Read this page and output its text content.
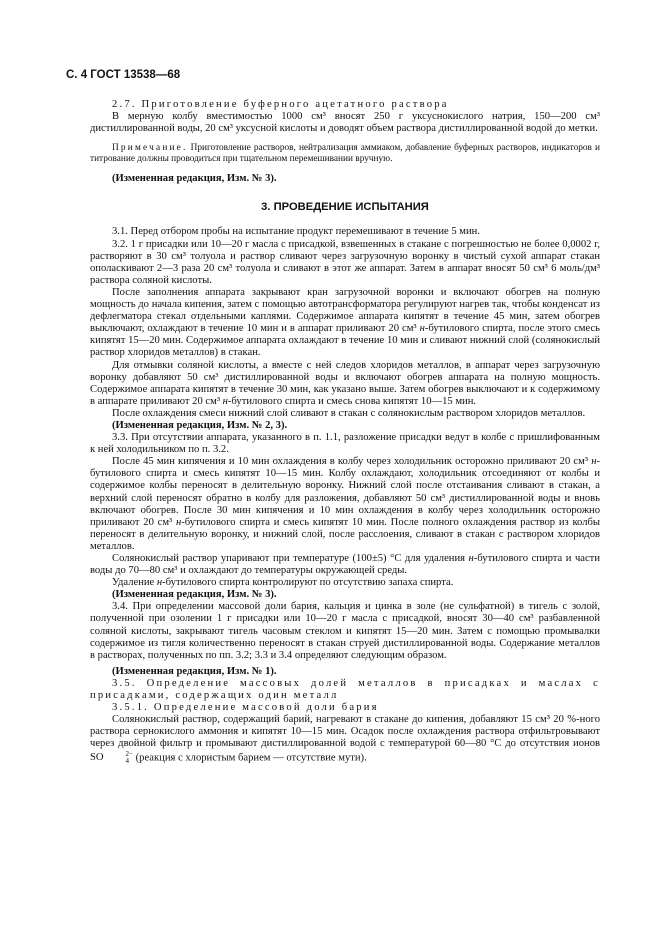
С. 4 ГОСТ 13538—68

2.7. Приготовление буферного ацетатного раствора

В мерную колбу вместимостью 1000 см³ вносят 250 г уксуснокислого натрия, 150—200 см³ дистиллированной воды, 20 см³ уксусной кислоты и доводят объем раствора дистиллированной водой до метки.

Примечание. Приготовление растворов, нейтрализация аммиаком, добавление буферных растворов, индикаторов и титрование должны проводиться при тщательном перемешивании вручную.

(Измененная редакция, Изм. № 3).

3. ПРОВЕДЕНИЕ ИСПЫТАНИЯ

3.1. Перед отбором пробы на испытание продукт перемешивают в течение 5 мин.

3.2. 1 г присадки или 10—20 г масла с присадкой, взвешенных в стакане с погрешностью не более 0,0002 г, растворяют в 30 см³ толуола и раствор сливают через загрузочную воронку в чистый сухой аппарат стакан ополаскивают 2—3 раза 20 см³ толуола и сливают в этот же аппарат. Затем в аппарат вносят 50 см³ 6 моль/дм³ раствора соляной кислоты.

После заполнения аппарата закрывают кран загрузочной воронки и включают обогрев на полную мощность до начала кипения, затем с помощью автотрансформатора регулируют нагрев так, чтобы конденсат из дефлегматора стекал отдельными каплями. Содержимое аппарата кипятят в течение 45 мин, затем обогрев выключают, охлаждают в течение 10 мин и в аппарат приливают 20 см³ н-бутилового спирта, после этого смесь кипятят 15—20 мин. Содержимое аппарата охлаждают в течение 10 мин и сливают нижний слой (солянокислый раствор хлоридов металлов) в стакан.

Для отмывки соляной кислоты, а вместе с ней следов хлоридов металлов, в аппарат через загрузочную воронку добавляют 50 см³ дистиллированной воды и включают обогрев аппарата на полную мощность. Содержимое аппарата кипятят в течение 30 мин, как указано выше. Затем обогрев выключают и к содержимому в аппарате приливают 20 см³ н-бутилового спирта и смесь снова кипятят 10—15 мин.

После охлаждения смеси нижний слой сливают в стакан с солянокислым раствором хлоридов металлов.

(Измененная редакция, Изм. № 2, 3).

3.3. При отсутствии аппарата, указанного в п. 1.1, разложение присадки ведут в колбе с пришлифованным к ней холодильником по п. 3.2.

После 45 мин кипячения и 10 мин охлаждения в колбу через холодильник осторожно приливают 20 см³ н-бутилового спирта и смесь кипятят 10—15 мин. Колбу охлаждают, холодильник отсоединяют от колбы и содержимое колбы переносят в делительную воронку. Нижний слой после отстаивания сливают в стакан, а верхний слой переносят обратно в колбу для разложения, добавляют 50 см³ дистиллированной воды и вновь включают обогрев. После 30 мин кипячения и 10 мин охлаждения в колбу через холодильник осторожно приливают 20 см³ н-бутилового спирта и смесь кипятят 10 мин. После полного охлаждения раствор из колбы переносят в делительную воронку, и нижний слой, после расслоения, сливают в стакан с раствором хлоридов металлов.

Солянокислый раствор упаривают при температуре (100±5) °С для удаления н-бутилового спирта и части воды до 70—80 см³ и охлаждают до температуры окружающей среды.

Удаление н-бутилового спирта контролируют по отсутствию запаха спирта.

(Измененная редакция, Изм. № 3).

3.4. При определении массовой доли бария, кальция и цинка в золе (не сульфатной) в тигель с золой, полученной при озолении 1 г присадки или 10—20 г масла с присадкой, вносят 30—40 см³ разбавленной соляной кислоты, закрывают тигель часовым стеклом и кипятят 15—20 мин. Затем с помощью промывалки содержимое из тигля количественно переносят в стакан струей дистиллированной воды. Содержание металлов в растворах, полученных по пп. 3.2; 3.3 и 3.4 определяют следующим образом.

(Измененная редакция, Изм. № 1).

3.5. Определение массовых долей металлов в присадках и маслах с присадками, содержащих один металл

3.5.1. Определение массовой доли бария

Солянокислый раствор, содержащий барий, нагревают в стакане до кипения, добавляют 15 см³ 20 %-ного раствора сернокислого аммония и кипятят 10—15 мин. Осадок после охлаждения раствора отфильтровывают через двойной фильтр и промывают дистиллированной водой с температурой 60—80 °С до отсутствия ионов SO	2−
4 (реакция с хлористым барием — отсутствие мути).
